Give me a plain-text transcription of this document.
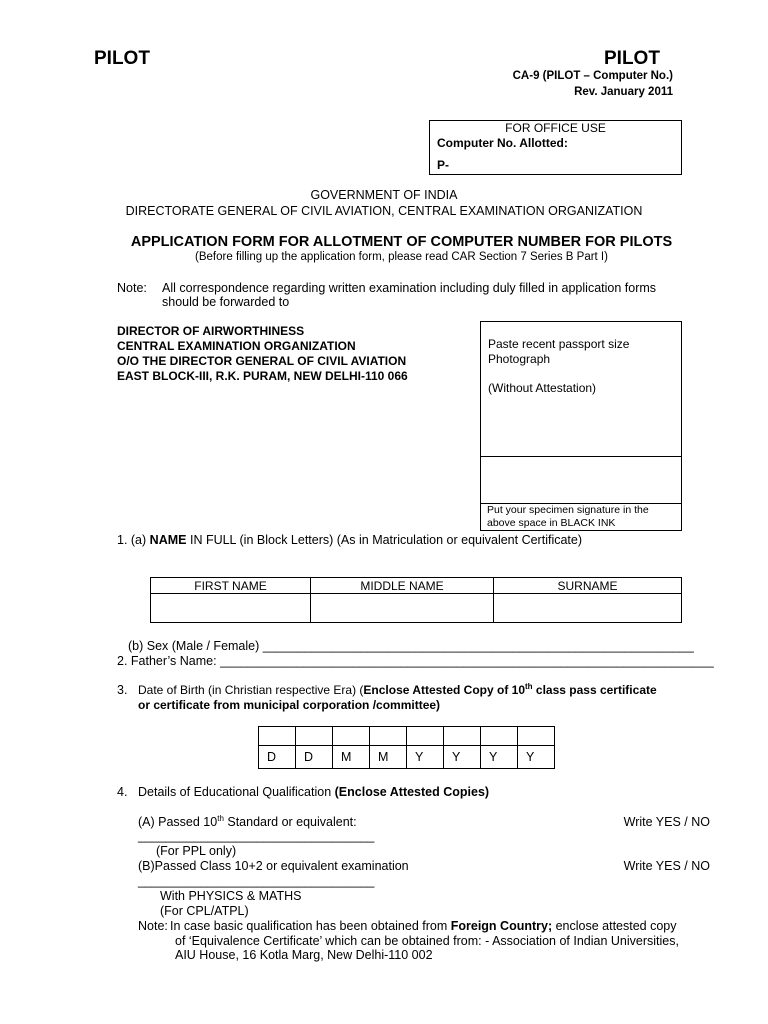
PILOT	PILOT
CA-9 (PILOT – Computer No.)
Rev. January 2011
FOR OFFICE USE
Computer No. Allotted:
P-
GOVERNMENT OF INDIA
DIRECTORATE GENERAL OF CIVIL AVIATION, CENTRAL EXAMINATION ORGANIZATION
APPLICATION FORM FOR ALLOTMENT OF COMPUTER NUMBER FOR PILOTS
(Before filling up the application form, please read CAR Section 7 Series B Part I)
Note: All correspondence regarding written examination including duly filled in application forms
should be forwarded to
DIRECTOR OF AIRWORTHINESS
CENTRAL EXAMINATION ORGANIZATION
O/O THE DIRECTOR GENERAL OF CIVIL AVIATION
EAST BLOCK-III, R.K. PURAM, NEW DELHI-110 066
Paste recent passport size
Photograph
(Without Attestation)
Put your specimen signature in the
above space in BLACK INK
1. (a) NAME IN FULL (in Block Letters) (As in Matriculation or equivalent Certificate)
FIRST NAME	MIDDLE NAME	SURNAME

(b) Sex (Male / Female) ______________________________________________________________
2. Father’s Name: _______________________________________________________________________
3. Date of Birth (in Christian respective Era) (Enclose Attested Copy of 10th class pass certificate
or certificate from municipal corporation /committee)

D	D	M	M	Y	Y	Y	Y
4. Details of Educational Qualification (Enclose Attested Copies)
(A) Passed 10th Standard or equivalent:	Write YES / NO
__________________________________
(For PPL only)
(B)Passed Class 10+2 or equivalent examination	Write YES / NO
__________________________________
With PHYSICS & MATHS
(For CPL/ATPL)
Note: In case basic qualification has been obtained from Foreign Country; enclose attested copy
of ‘Equivalence Certificate’ which can be obtained from: - Association of Indian Universities,
AIU House, 16 Kotla Marg, New Delhi-110 002
